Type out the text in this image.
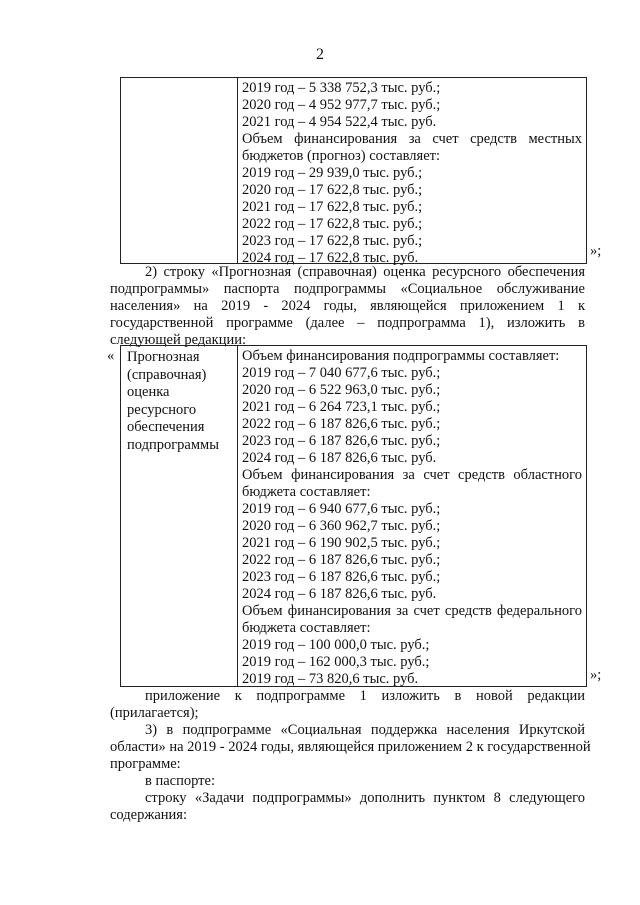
2
2019 год – 5 338 752,3 тыс. руб.;
2020 год – 4 952 977,7 тыс. руб.;
2021 год – 4 954 522,4 тыс. руб.
Объем финансирования за счет средств местных
бюджетов (прогноз) составляет:
2019 год – 29 939,0 тыс. руб.;
2020 год – 17 622,8 тыс. руб.;
2021 год – 17 622,8 тыс. руб.;
2022 год – 17 622,8 тыс. руб.;
2023 год – 17 622,8 тыс. руб.;
2024 год – 17 622,8 тыс. руб.	»;
2) строку «Прогнозная (справочная) оценка ресурсного обеспечения
подпрограммы» паспорта подпрограммы «Социальное обслуживание
населения» на 2019 - 2024 годы, являющейся приложением 1 к
государственной программе (далее – подпрограмма 1), изложить в
следующей редакции:
« Прогнозная
(справочная)
оценка
ресурсного
обеспечения
подпрограммы
Объем финансирования подпрограммы составляет:
2019 год – 7 040 677,6 тыс. руб.;
2020 год – 6 522 963,0 тыс. руб.;
2021 год – 6 264 723,1 тыс. руб.;
2022 год – 6 187 826,6 тыс. руб.;
2023 год – 6 187 826,6 тыс. руб.;
2024 год – 6 187 826,6 тыс. руб.
Объем финансирования за счет средств областного
бюджета составляет:
2019 год – 6 940 677,6 тыс. руб.;
2020 год – 6 360 962,7 тыс. руб.;
2021 год – 6 190 902,5 тыс. руб.;
2022 год – 6 187 826,6 тыс. руб.;
2023 год – 6 187 826,6 тыс. руб.;
2024 год – 6 187 826,6 тыс. руб.
Объем финансирования за счет средств федерального
бюджета составляет:
2019 год – 100 000,0 тыс. руб.;
2019 год – 162 000,3 тыс. руб.;
2019 год – 73 820,6 тыс. руб.	»;
приложение к подпрограмме 1 изложить в новой редакции
(прилагается);
3) в подпрограмме «Социальная поддержка населения Иркутской
области» на 2019 - 2024 годы, являющейся приложением 2 к государственной
программе:
в паспорте:
строку «Задачи подпрограммы» дополнить пунктом 8 следующего
содержания:
